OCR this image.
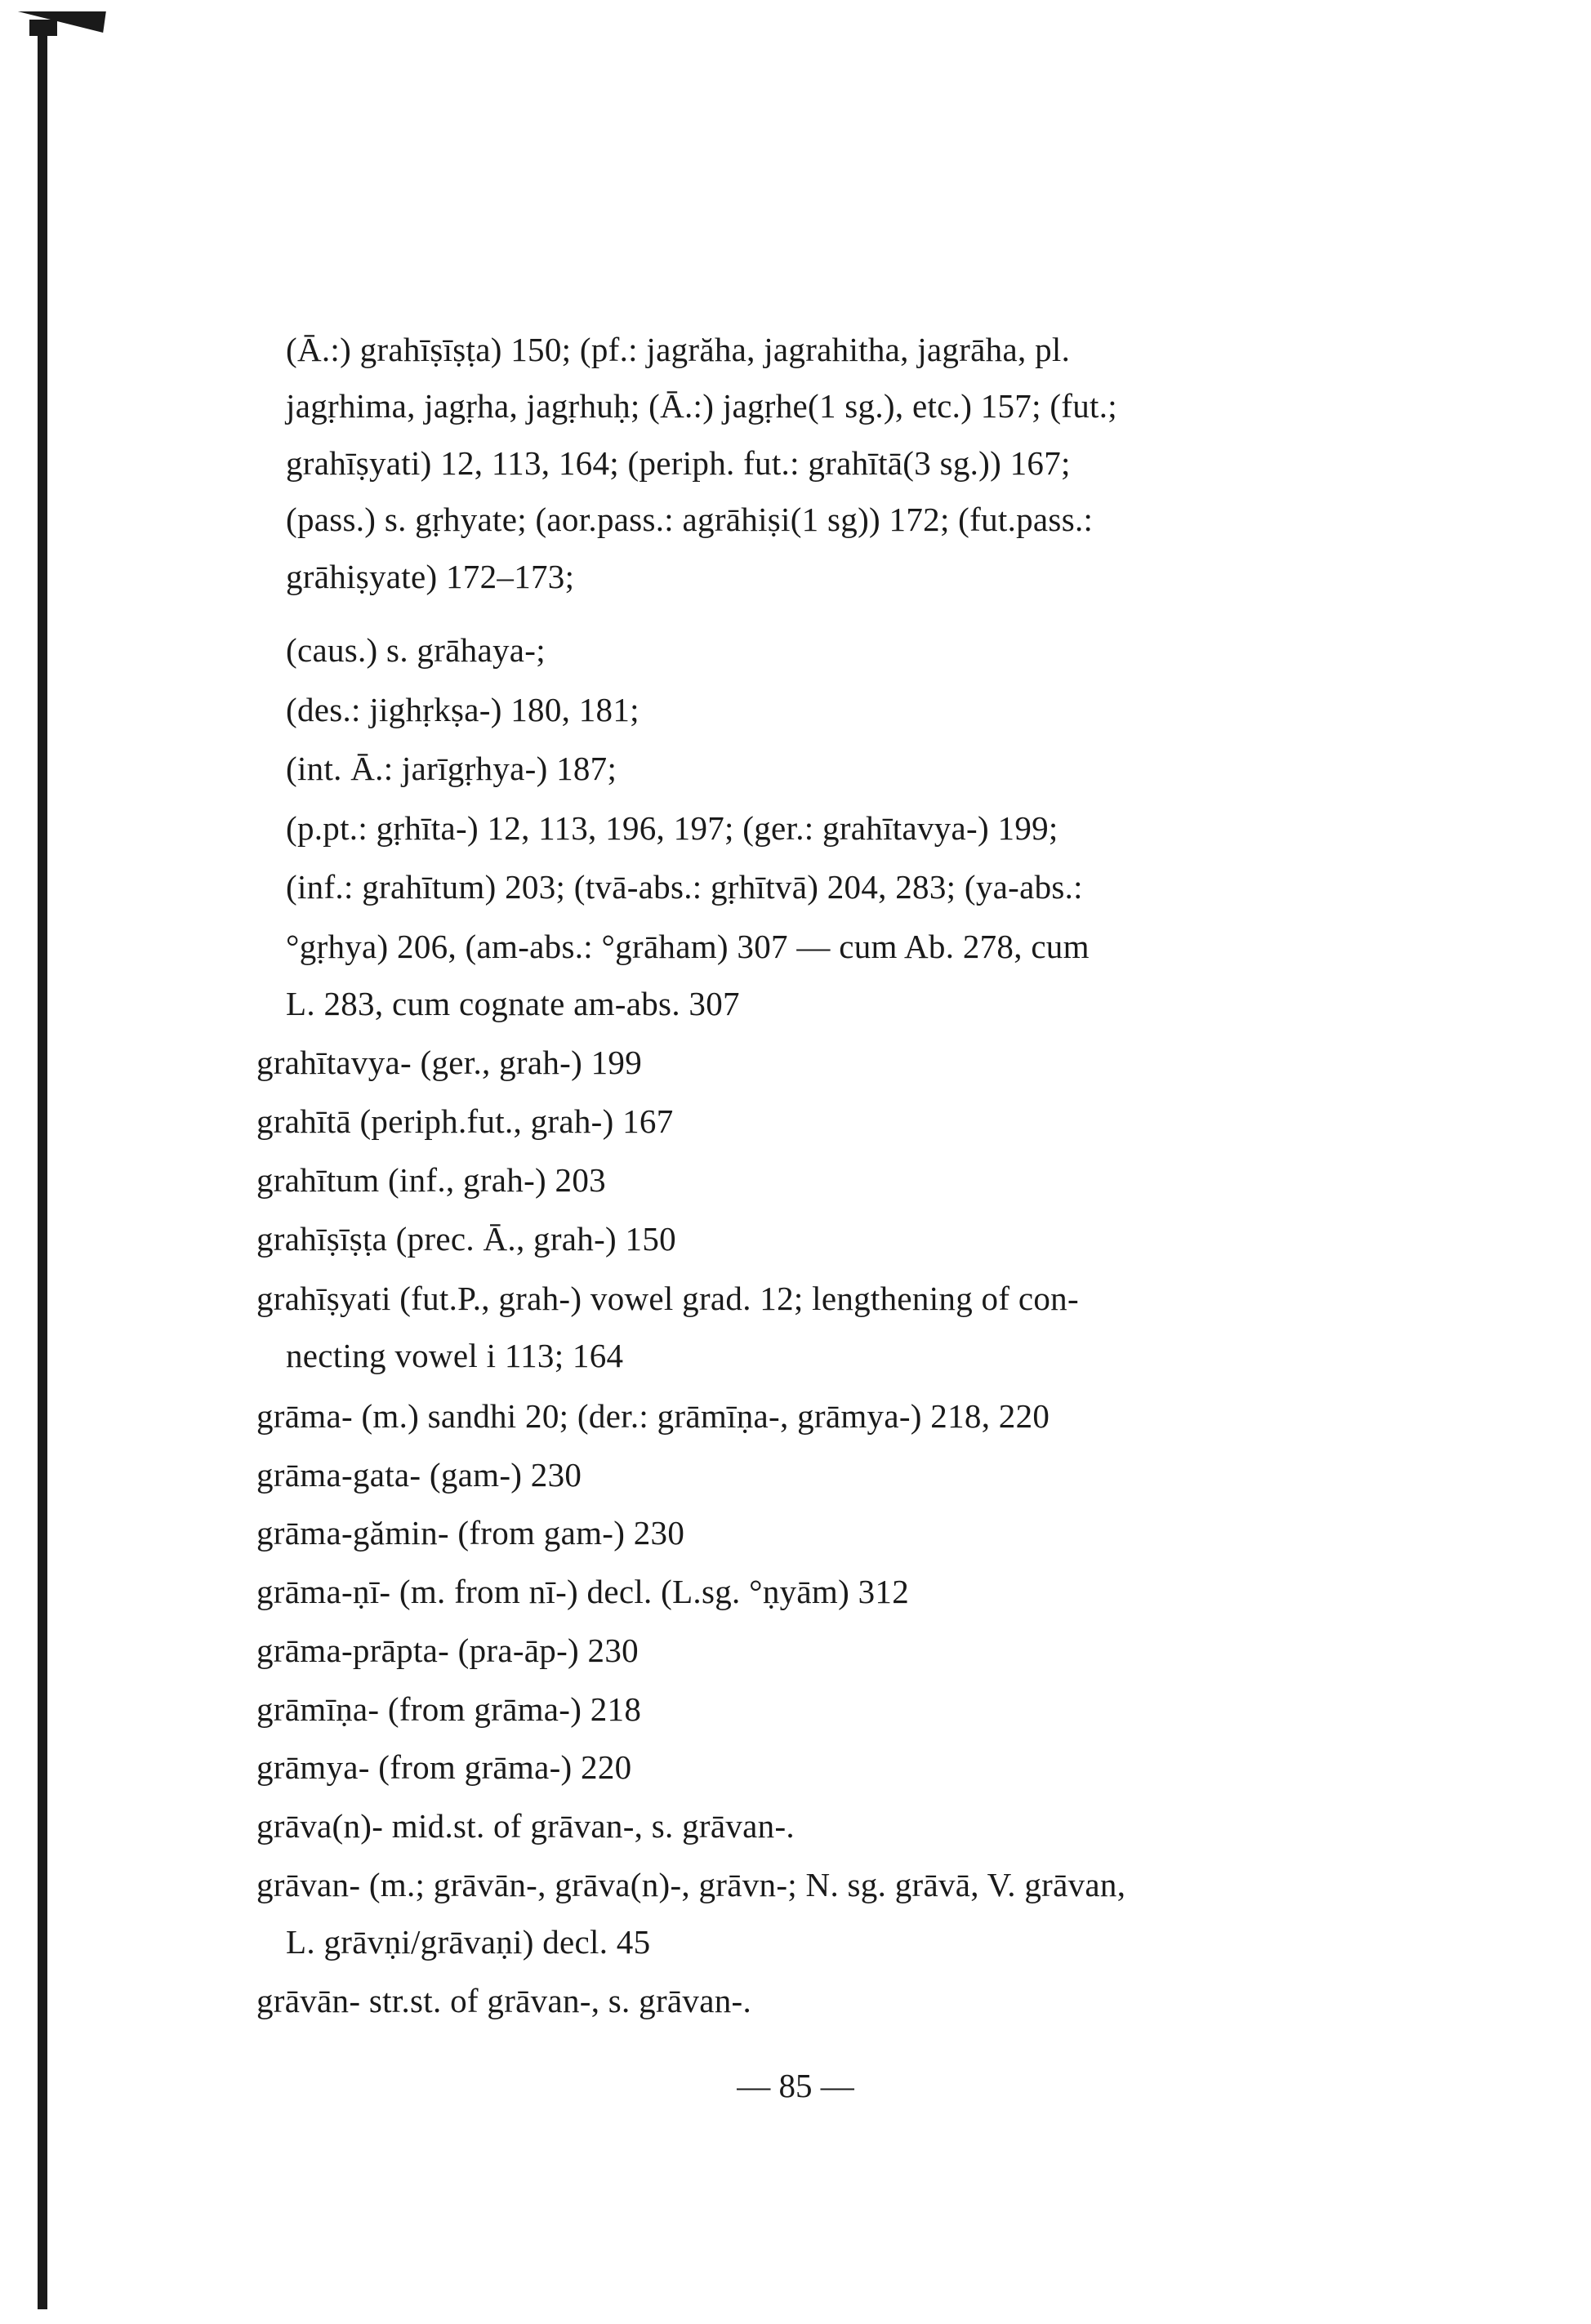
(Ā.:) grahīṣīṣṭa) 150; (pf.: jagrăha, jagrahitha, jagrāha, pl.
jagṛhima, jagṛha, jagṛhuḥ; (Ā.:) jagṛhe(1 sg.), etc.) 157; (fut.;
grahīṣyati) 12, 113, 164; (periph. fut.: grahītā(3 sg.)) 167;
(pass.) s. gṛhyate; (aor.pass.: agrāhiṣi(1 sg)) 172; (fut.pass.:
grāhiṣyate) 172–173;
(caus.) s. grāhaya-;
(des.: jighṛkṣa-) 180, 181;
(int. Ā.: jarīgṛhya-) 187;
(p.pt.: gṛhīta-) 12, 113, 196, 197; (ger.: grahītavya-) 199;
(inf.: grahītum) 203; (tvā-abs.: gṛhītvā) 204, 283; (ya-abs.:
°gṛhya) 206, (am-abs.: °grāham) 307 — cum Ab. 278, cum
L. 283, cum cognate am-abs. 307
grahītavya- (ger., grah-) 199
grahītā (periph.fut., grah-) 167
grahītum (inf., grah-) 203
grahīṣīṣṭa (prec. Ā., grah-) 150
grahīṣyati (fut.P., grah-) vowel grad. 12; lengthening of con-
necting vowel i 113; 164
grāma- (m.) sandhi 20; (der.: grāmīṇa-, grāmya-) 218, 220
grāma-gata- (gam-) 230
grāma-gămin- (from gam-) 230
grāma-ṇī- (m. from nī-) decl. (L.sg. °ṇyām) 312
grāma-prāpta- (pra-āp-) 230
grāmīṇa- (from grāma-) 218
grāmya- (from grāma-) 220
grāva(n)- mid.st. of grāvan-, s. grāvan-.
grāvan- (m.; grāvān-, grāva(n)-, grāvn-; N. sg. grāvā, V. grāvan,
L. grāvṇi/grāvaṇi) decl. 45
grāvān- str.st. of grāvan-, s. grāvan-.
— 85 —
